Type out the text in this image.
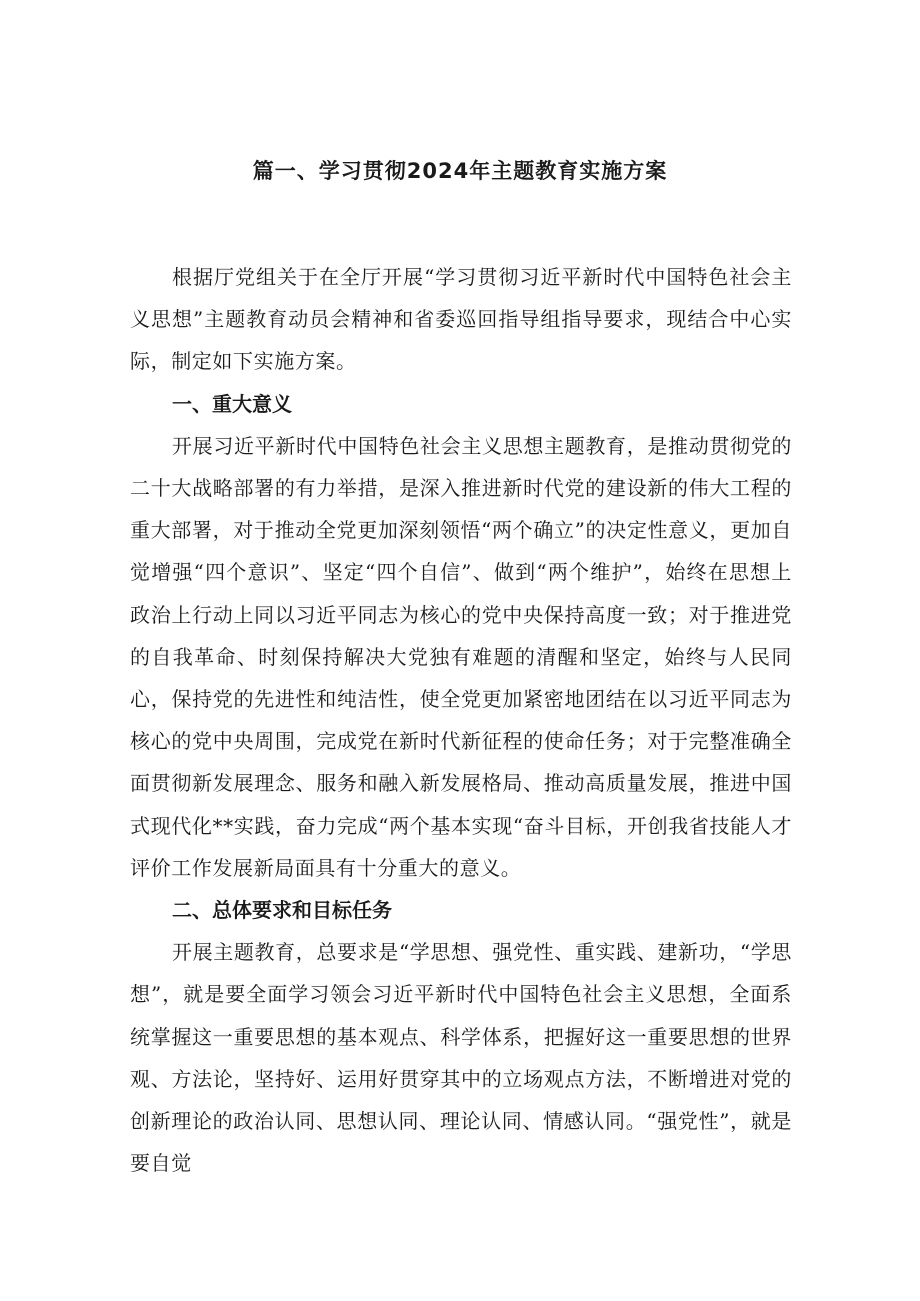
篇一、学习贯彻2024年主题教育实施方案

根据厅党组关于在全厅开展“学习贯彻习近平新时代中国特色社会主义思想”主题教育动员会精神和省委巡回指导组指导要求，现结合中心实际，制定如下实施方案。

一、重大意义

开展习近平新时代中国特色社会主义思想主题教育，是推动贯彻党的二十大战略部署的有力举措，是深入推进新时代党的建设新的伟大工程的重大部署，对于推动全党更加深刻领悟“两个确立”的决定性意义，更加自觉增强“四个意识”、坚定“四个自信”、做到“两个维护”，始终在思想上政治上行动上同以习近平同志为核心的党中央保持高度一致；对于推进党的自我革命、时刻保持解决大党独有难题的清醒和坚定，始终与人民同心，保持党的先进性和纯洁性，使全党更加紧密地团结在以习近平同志为核心的党中央周围，完成党在新时代新征程的使命任务；对于完整准确全面贯彻新发展理念、服务和融入新发展格局、推动高质量发展，推进中国式现代化**实践，奋力完成“两个基本实现“奋斗目标，开创我省技能人才评价工作发展新局面具有十分重大的意义。

二、总体要求和目标任务

开展主题教育，总要求是“学思想、强党性、重实践、建新功，“学思想”，就是要全面学习领会习近平新时代中国特色社会主义思想，全面系统掌握这一重要思想的基本观点、科学体系，把握好这一重要思想的世界观、方法论，坚持好、运用好贯穿其中的立场观点方法，不断增进对党的创新理论的政治认同、思想认同、理论认同、情感认同。“强党性”，就是要自觉
